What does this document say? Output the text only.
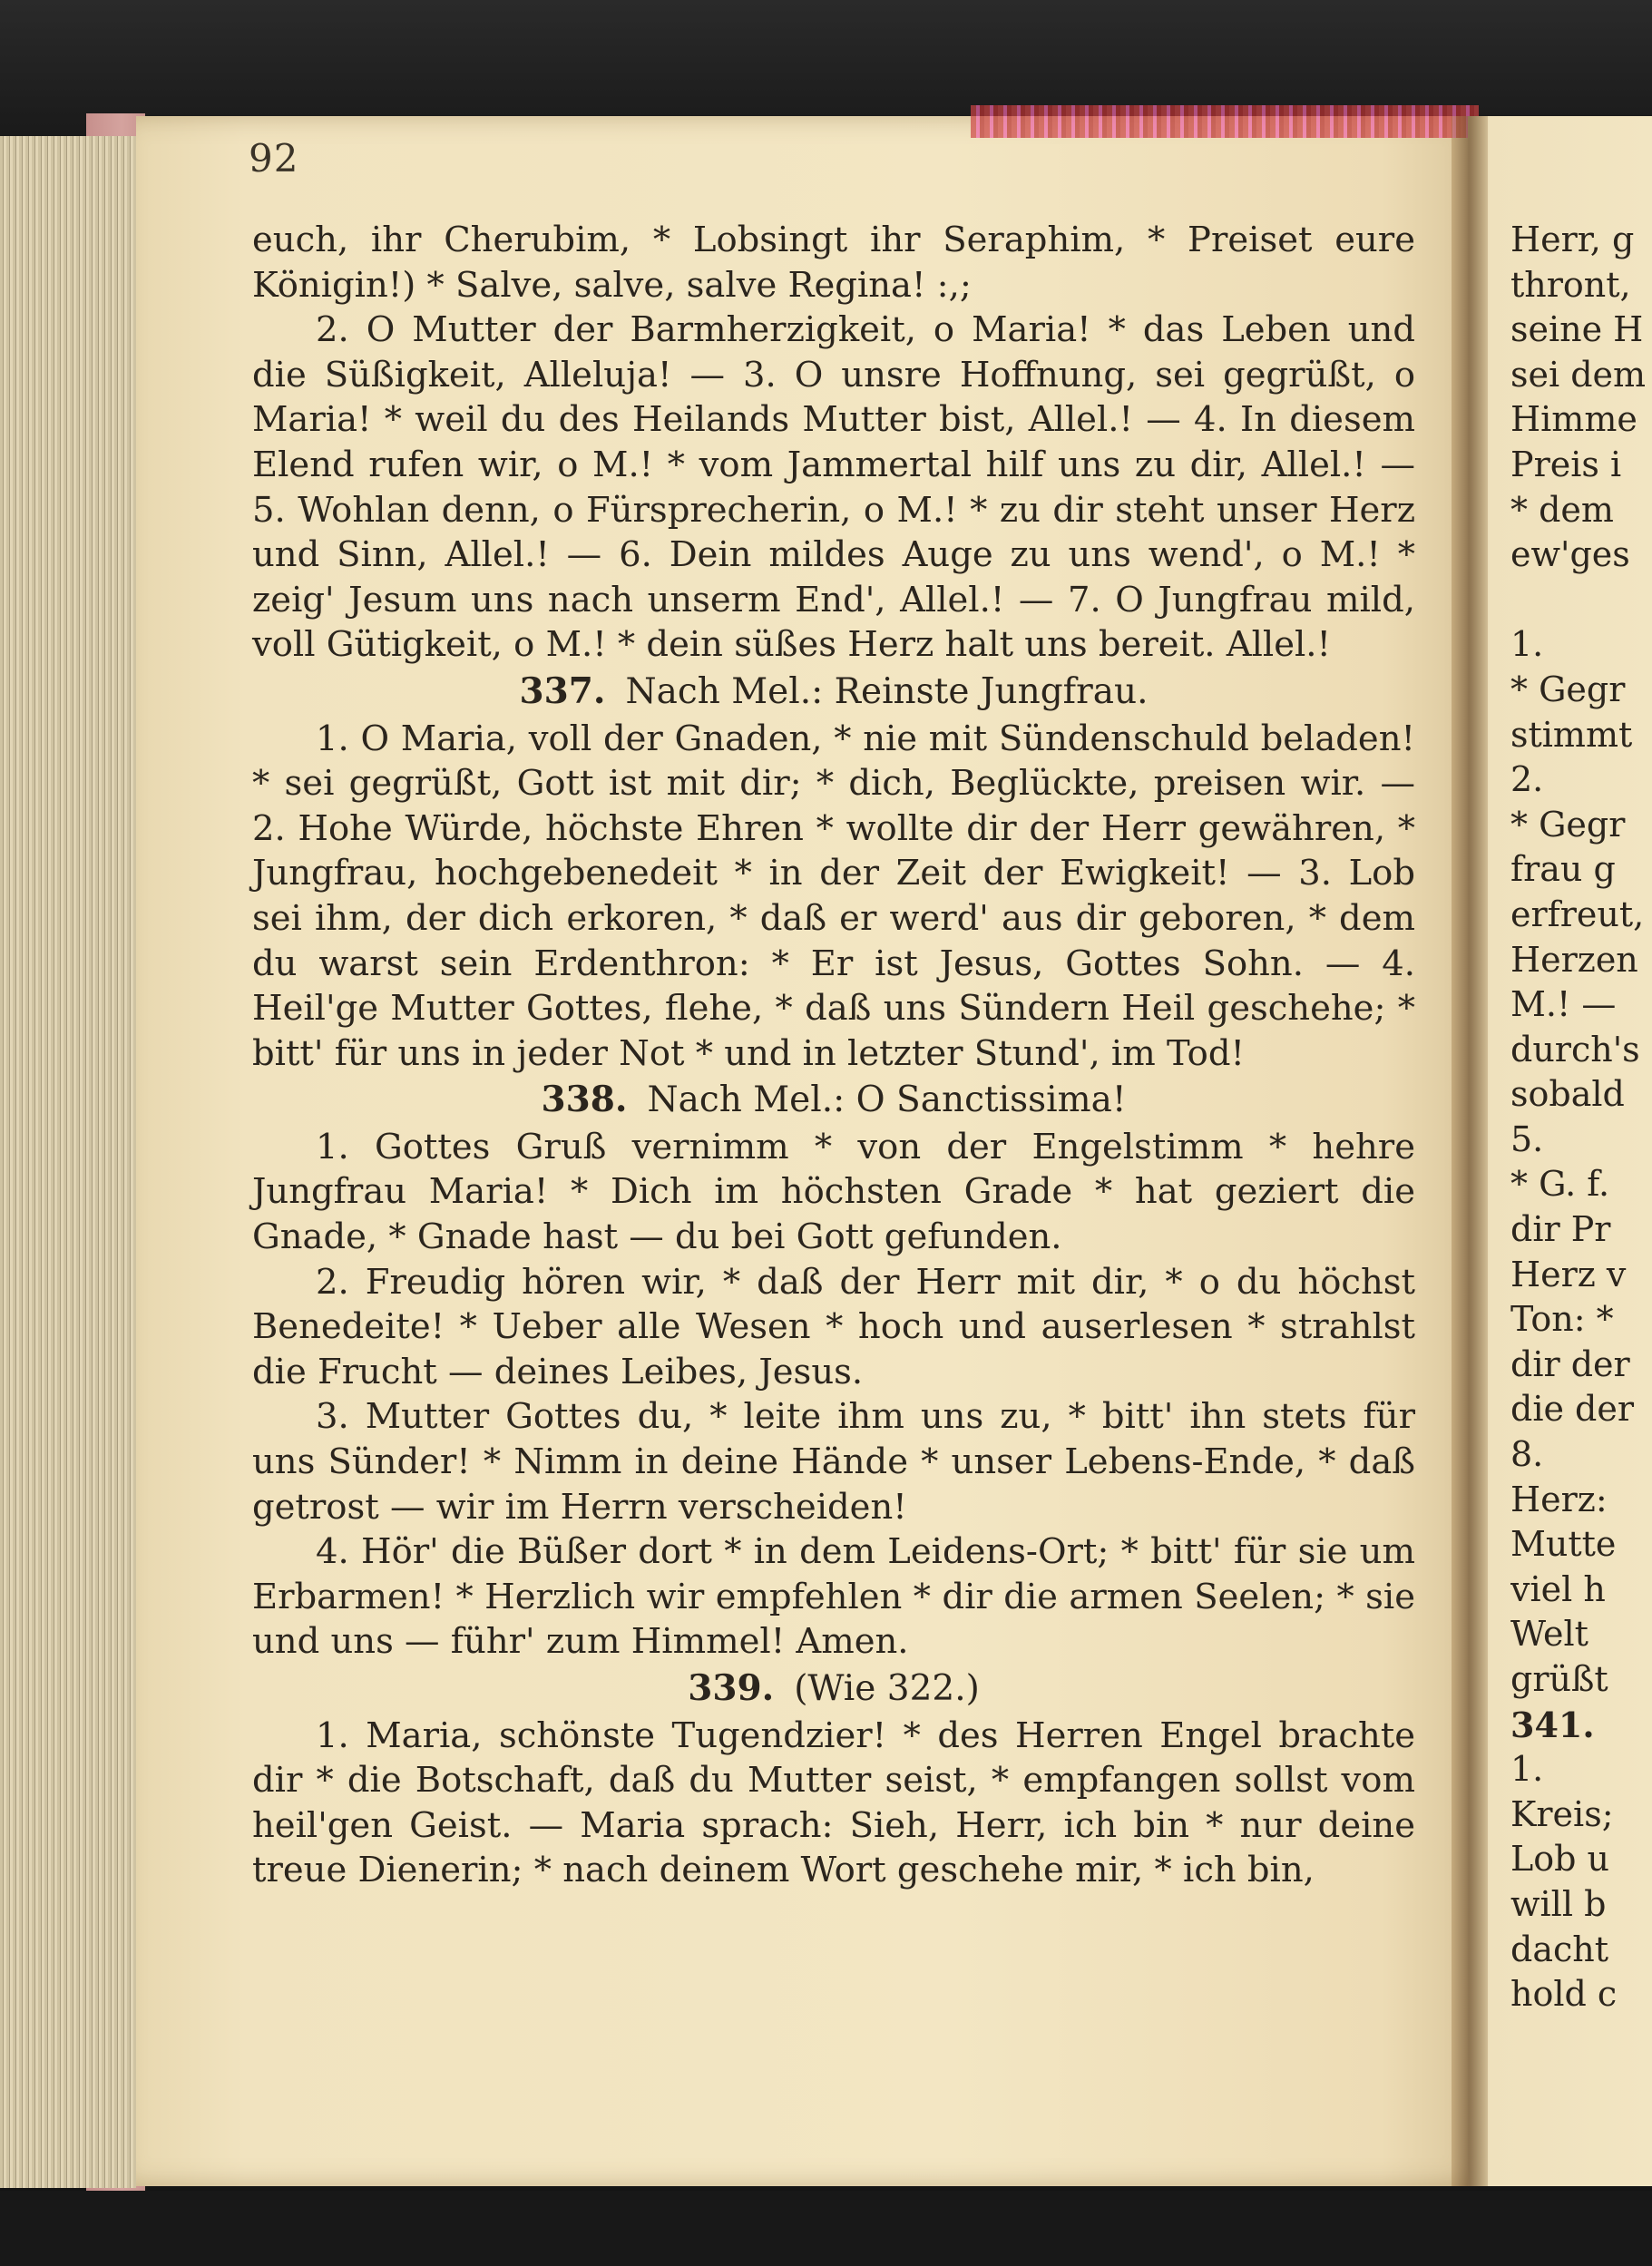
92

euch, ihr Cherubim, * Lobsingt ihr Seraphim, * Preiset eure Königin!) * Salve, salve, salve Regina! :,;

2. O Mutter der Barmherzigkeit, o Maria! * das Leben und die Süßigkeit, Alleluja! — 3. O unsre Hoffnung, sei gegrüßt, o Maria! * weil du des Heilands Mutter bist, Allel.! — 4. In diesem Elend rufen wir, o M.! * vom Jammertal hilf uns zu dir, Allel.! — 5. Wohlan denn, o Fürsprecherin, o M.! * zu dir steht unser Herz und Sinn, Allel.! — 6. Dein mildes Auge zu uns wend', o M.! * zeig' Jesum uns nach unserm End', Allel.! — 7. O Jungfrau mild, voll Gütigkeit, o M.! * dein süßes Herz halt uns bereit. Allel.!

337. Nach Mel.: Reinste Jungfrau.

1. O Maria, voll der Gnaden, * nie mit Sündenschuld beladen! * sei gegrüßt, Gott ist mit dir; * dich, Beglückte, preisen wir. — 2. Hohe Würde, höchste Ehren * wollte dir der Herr gewähren, * Jungfrau, hochgebenedeit * in der Zeit der Ewigkeit! — 3. Lob sei ihm, der dich erkoren, * daß er werd' aus dir geboren, * dem du warst sein Erdenthron: * Er ist Jesus, Gottes Sohn. — 4. Heil'ge Mutter Gottes, flehe, * daß uns Sündern Heil geschehe; * bitt' für uns in jeder Not * und in letzter Stund', im Tod!

338. Nach Mel.: O Sanctissima!

1. Gottes Gruß vernimm * von der Engelstimm * hehre Jungfrau Maria! * Dich im höchsten Grade * hat geziert die Gnade, * Gnade hast — du bei Gott gefunden.

2. Freudig hören wir, * daß der Herr mit dir, * o du höchst Benedeite! * Ueber alle Wesen * hoch und auserlesen * strahlst die Frucht — deines Leibes, Jesus.

3. Mutter Gottes du, * leite ihm uns zu, * bitt' ihn stets für uns Sünder! * Nimm in deine Hände * unser Lebens-Ende, * daß getrost — wir im Herrn verscheiden!

4. Hör' die Büßer dort * in dem Leidens-Ort; * bitt' für sie um Erbarmen! * Herzlich wir empfehlen * dir die armen Seelen; * sie und uns — führ' zum Himmel! Amen.

339. (Wie 322.)

1. Maria, schönste Tugendzier! * des Herren Engel brachte dir * die Botschaft, daß du Mutter seist, * empfangen sollst vom heil'gen Geist. — Maria sprach: Sieh, Herr, ich bin * nur deine treue Dienerin; * nach deinem Wort geschehe mir, * ich bin,

Herr, g
thront,
seine H
sei dem
Himme
Preis i
* dem
ew'ges
1.
* Gegr
stimmt
2.
* Gegr
frau g
erfreut,
Herzen
M.! —
durch's
sobald
5.
* G. f.
dir Pr
Herz v
Ton: *
dir der
die der
8.
Herz:
Mutte
viel h
Welt
grüßt
341.
1.
Kreis;
Lob u
will b
dacht
hold c
